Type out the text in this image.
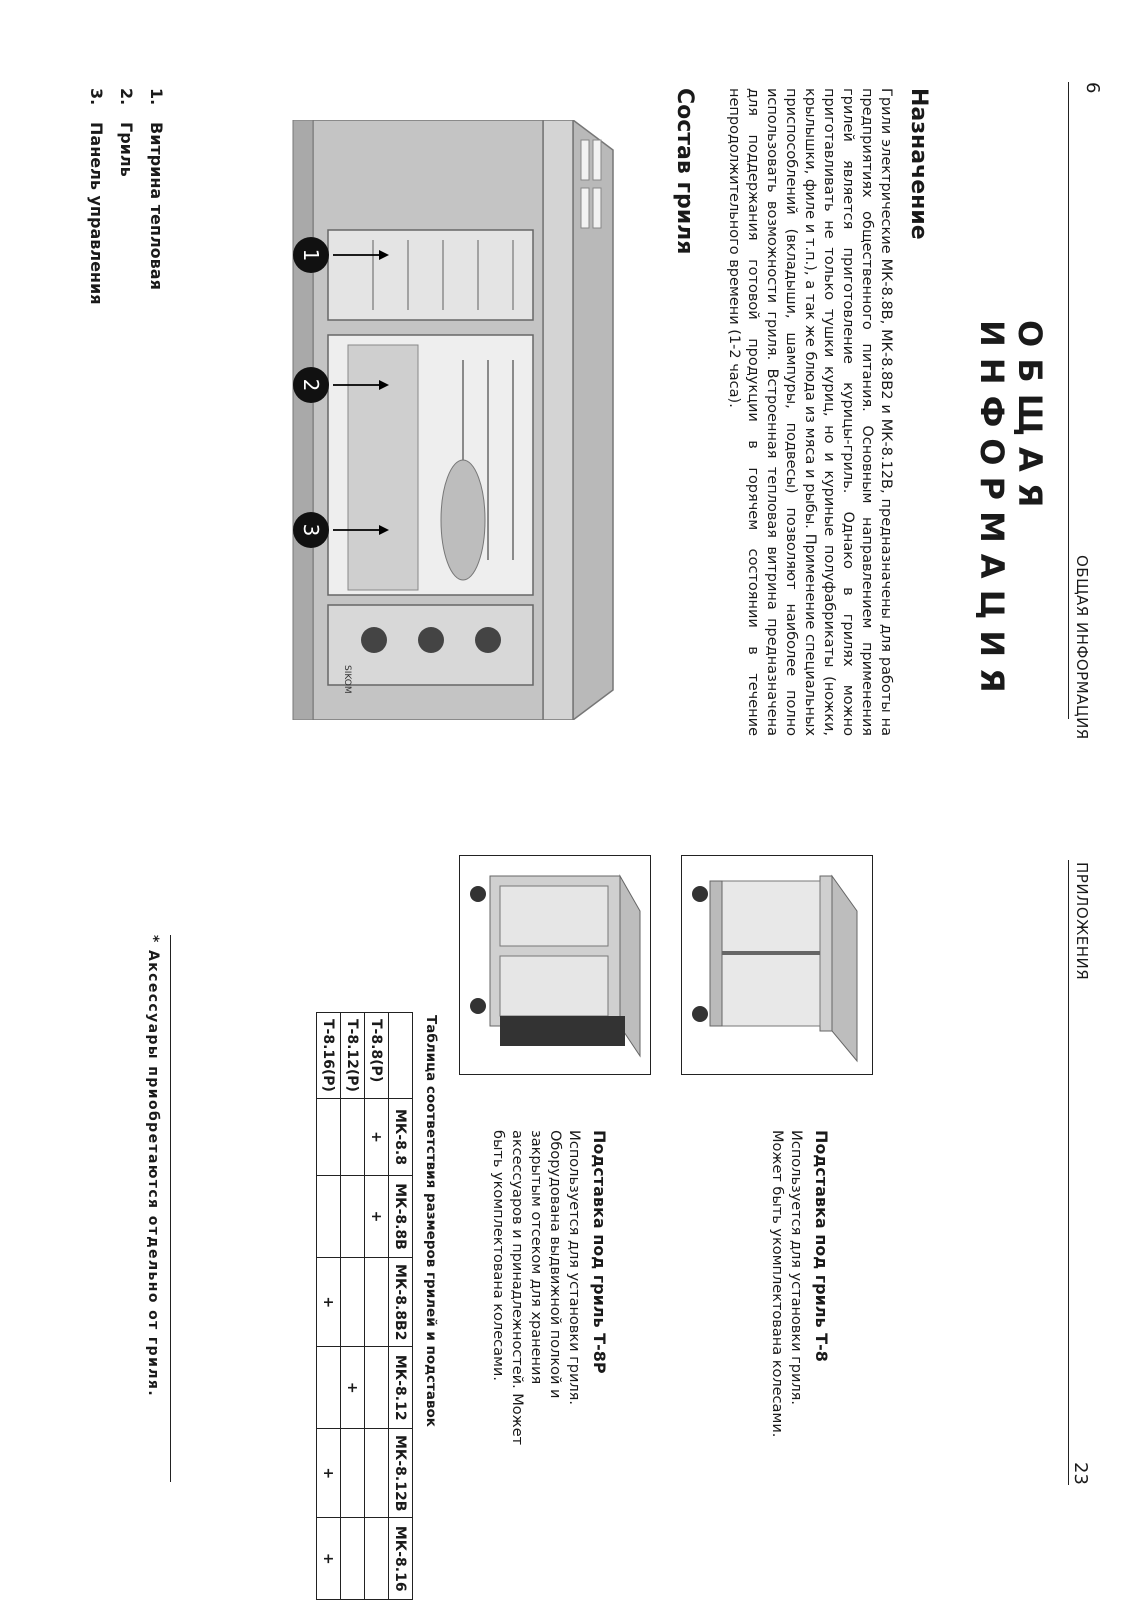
6
ОБЩАЯ ИНФОРМАЦИЯ
ОБЩАЯ ИНФОРМАЦИЯ
Назначение
Грили электрические МК-8.8В, МК-8.8В2 и МК-8.12В, предназначены для работы на предприятиях общественного питания. Основным направлением применения грилей является приготовление курицы-гриль. Однако в грилях можно приготавливать не только тушки куриц, но и куриные полуфабрикаты (ножки, крылышки, филе и т.п.), а так же блюда из мяса и рыбы. Применение специальных приспособлений (вкладыши, шампуры, подвесы) позволяют наиболее полно использовать возможности гриля. Встроенная тепловая витрина предназначена для поддержания готовой продукции в горячем состоянии в течение непродолжительного времени (1-2 часа).
Состав гриля
SIKOM
1
2
3
1.Витрина тепловая
2.Гриль
3.Панель управления
ПРИЛОЖЕНИЯ
23
Подставка под гриль Т-8
Используется для установки гриля. Может быть укомплектована колесами.
Подставка под гриль Т-8Р
Используется для установки гриля. Оборудована выдвижной полкой и закрытым отсеком для хранения аксессуаров и принадлежностей. Может быть укомплектована колесами.
Таблица соответствия размеров грилей и подставок
	МК-8.8	МК-8.8В	МК-8.8В2	МК-8.12	МК-8.12В	МК-8.16
Т-8.8(Р)	+	+				
Т-8.12(Р)				+		
Т-8.16(Р)			+		+	+
* Аксессуары приобретаются отдельно от гриля.
